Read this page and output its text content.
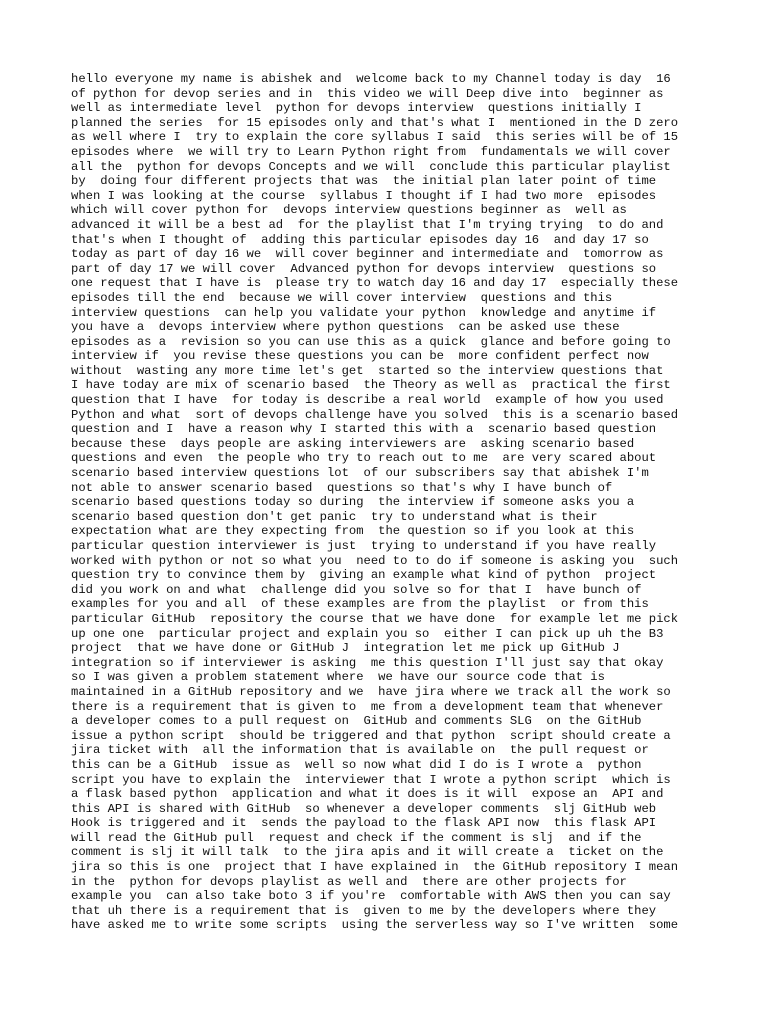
hello everyone my name is abishek and  welcome back to my Channel today is day  16
of python for devop series and in  this video we will Deep dive into  beginner as
well as intermediate level  python for devops interview  questions initially I
planned the series  for 15 episodes only and that's what I  mentioned in the D zero
as well where I  try to explain the core syllabus I said  this series will be of 15
episodes where  we will try to Learn Python right from  fundamentals we will cover
all the  python for devops Concepts and we will  conclude this particular playlist
by  doing four different projects that was  the initial plan later point of time
when I was looking at the course  syllabus I thought if I had two more  episodes
which will cover python for  devops interview questions beginner as  well as
advanced it will be a best ad  for the playlist that I'm trying trying  to do and
that's when I thought of  adding this particular episodes day 16  and day 17 so
today as part of day 16 we  will cover beginner and intermediate and  tomorrow as
part of day 17 we will cover  Advanced python for devops interview  questions so
one request that I have is  please try to watch day 16 and day 17  especially these
episodes till the end  because we will cover interview  questions and this
interview questions  can help you validate your python  knowledge and anytime if
you have a  devops interview where python questions  can be asked use these
episodes as a  revision so you can use this as a quick  glance and before going to
interview if  you revise these questions you can be  more confident perfect now
without  wasting any more time let's get  started so the interview questions that
I have today are mix of scenario based  the Theory as well as  practical the first
question that I have  for today is describe a real world  example of how you used
Python and what  sort of devops challenge have you solved  this is a scenario based
question and I  have a reason why I started this with a  scenario based question
because these  days people are asking interviewers are  asking scenario based
questions and even  the people who try to reach out to me  are very scared about
scenario based interview questions lot  of our subscribers say that abishek I'm
not able to answer scenario based  questions so that's why I have bunch of
scenario based questions today so during  the interview if someone asks you a
scenario based question don't get panic  try to understand what is their
expectation what are they expecting from  the question so if you look at this
particular question interviewer is just  trying to understand if you have really
worked with python or not so what you  need to to do if someone is asking you  such
question try to convince them by  giving an example what kind of python  project
did you work on and what  challenge did you solve so for that I  have bunch of
examples for you and all  of these examples are from the playlist  or from this
particular GitHub  repository the course that we have done  for example let me pick
up one one  particular project and explain you so  either I can pick up uh the B3
project  that we have done or GitHub J  integration let me pick up GitHub J
integration so if interviewer is asking  me this question I'll just say that okay
so I was given a problem statement where  we have our source code that is
maintained in a GitHub repository and we  have jira where we track all the work so
there is a requirement that is given to  me from a development team that whenever
a developer comes to a pull request on  GitHub and comments SLG  on the GitHub
issue a python script  should be triggered and that python  script should create a
jira ticket with  all the information that is available on  the pull request or
this can be a GitHub  issue as  well so now what did I do is I wrote a  python
script you have to explain the  interviewer that I wrote a python script  which is
a flask based python  application and what it does is it will  expose an  API and
this API is shared with GitHub  so whenever a developer comments  slj GitHub web
Hook is triggered and it  sends the payload to the flask API now  this flask API
will read the GitHub pull  request and check if the comment is slj  and if the
comment is slj it will talk  to the jira apis and it will create a  ticket on the
jira so this is one  project that I have explained in  the GitHub repository I mean
in the  python for devops playlist as well and  there are other projects for
example you  can also take boto 3 if you're  comfortable with AWS then you can say
that uh there is a requirement that is  given to me by the developers where they
have asked me to write some scripts  using the serverless way so I've written  some
